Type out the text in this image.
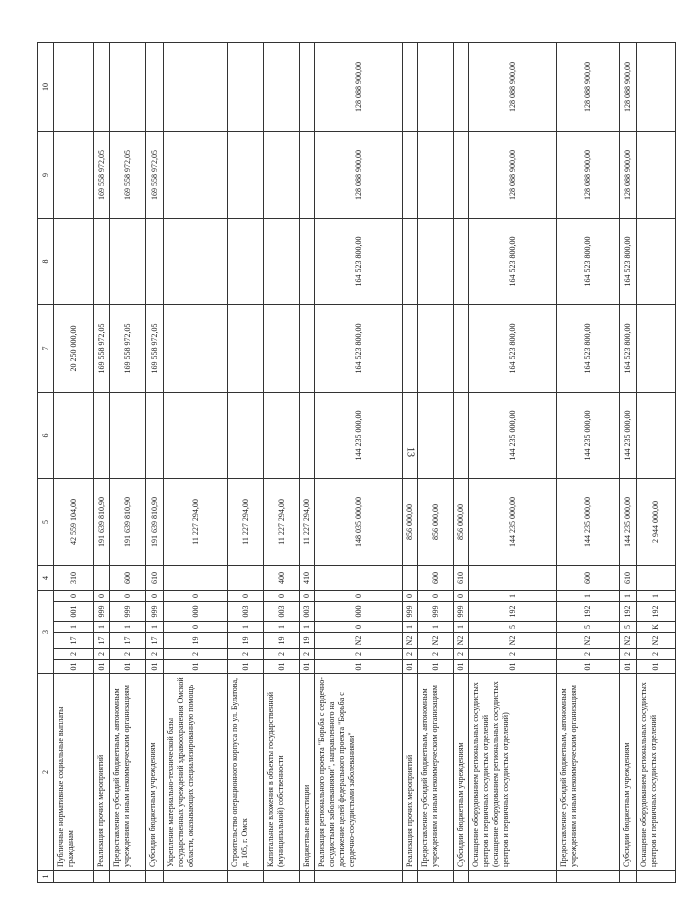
13
1	2	3						4	5	6	7	8	9	10
	Публичные нормативные социальные выплаты гражданам	01	2	17	1	001	0	310	42 559 104,00		20 250 000,00			
	Реализация прочих мероприятий	01	2	17	1	999	0		191 639 810,90		169 558 972,05		169 558 972,05	
	Предоставление субсидий бюджетным, автономным учреждениям и иным некоммерческим организациям	01	2	17	1	999	0	600	191 639 810,90		169 558 972,05		169 558 972,05	
	Субсидии бюджетным учреждениям	01	2	17	1	999	0	610	191 639 810,90		169 558 972,05		169 558 972,05	
	Укрепление материально-технической базы государственных учреждений здравоохранения Омской области, оказывающих специализированную помощь	01	2	19	0	000	0		11 227 294,00					
	Строительство операционного корпуса по ул. Булатова, д. 105, г. Омск	01	2	19	1	003	0		11 227 294,00					
	Капитальные вложения в объекты государственной (муниципальной) собственности	01	2	19	1	003	0	400	11 227 294,00					
	Бюджетные инвестиции	01	2	19	1	003	0	410	11 227 294,00					
	Реализация регионального проекта "Борьба с сердечно-сосудистыми заболеваниями", направленного на достижение целей федерального проекта "Борьба с сердечно-сосудистыми заболеваниями"	01	2	N2	0	000	0		148 035 000,00	144 235 000,00	164 523 800,00	164 523 800,00	128 088 900,00	128 088 900,00
	Реализация прочих мероприятий	01	2	N2	1	999	0		856 000,00					
	Предоставление субсидий бюджетным, автономным учреждениям и иным некоммерческим организациям	01	2	N2	1	999	0	600	856 000,00					
	Субсидии бюджетным учреждениям	01	2	N2	1	999	0	610	856 000,00					
	Оснащение оборудованием региональных сосудистых центров и первичных сосудистых отделений (оснащение оборудованием региональных сосудистых центров и первичных сосудистых отделений)	01	2	N2	5	192	1		144 235 000,00	144 235 000,00	164 523 800,00	164 523 800,00	128 088 900,00	128 088 900,00
	Предоставление субсидий бюджетным, автономным учреждениям и иным некоммерческим организациям	01	2	N2	5	192	1	600	144 235 000,00	144 235 000,00	164 523 800,00	164 523 800,00	128 088 900,00	128 088 900,00
	Субсидии бюджетным учреждениям	01	2	N2	5	192	1	610	144 235 000,00	144 235 000,00	164 523 800,00	164 523 800,00	128 088 900,00	128 088 900,00
	Оснащение оборудованием региональных сосудистых центров и первичных сосудистых отделений	01	2	N2	K	192	1		2 944 000,00					
